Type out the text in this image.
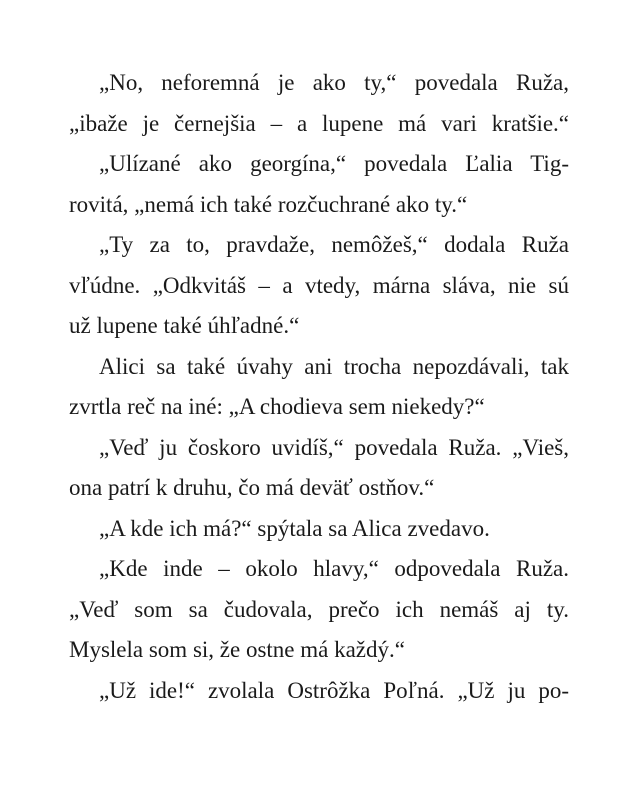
„No, neforemná je ako ty,“ povedala Ruža,
„ibaže je černejšia – a lupene má vari kratšie.“
„Ulízané ako georgína,“ povedala Ľalia Tig-
rovitá, „nemá ich také rozčuchrané ako ty.“
„Ty za to, pravdaže, nemôžeš,“ dodala Ruža
vľúdne. „Odkvitáš – a vtedy, márna sláva, nie sú
už lupene také úhľadné.“
Alici sa také úvahy ani trocha nepozdávali, tak
zvrtla reč na iné: „A chodieva sem niekedy?“
„Veď ju čoskoro uvidíš,“ povedala Ruža. „Vieš,
ona patrí k druhu, čo má deväť ostňov.“
„A kde ich má?“ spýtala sa Alica zvedavo.
„Kde inde – okolo hlavy,“ odpovedala Ruža.
„Veď som sa čudovala, prečo ich nemáš aj ty.
Myslela som si, že ostne má každý.“
„Už ide!“ zvolala Ostrôžka Poľná. „Už ju po-
